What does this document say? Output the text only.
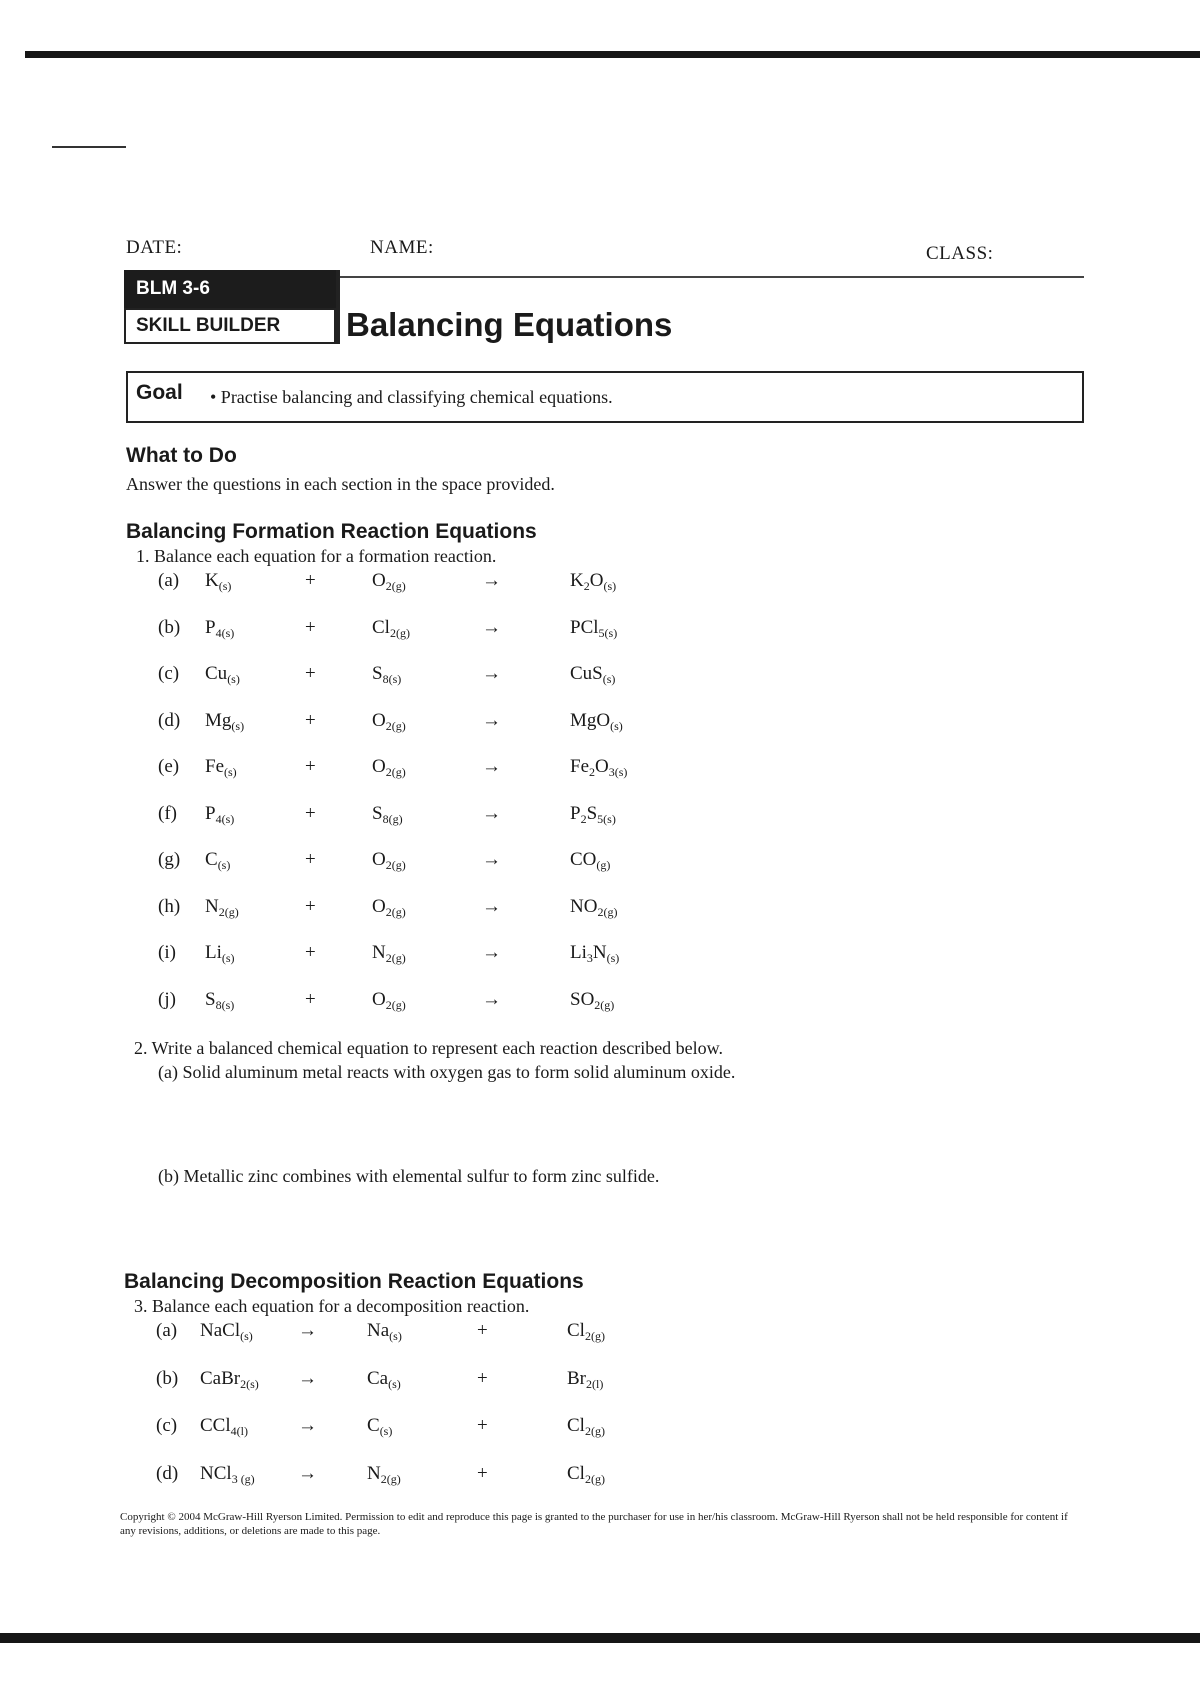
DATE:	NAME:	CLASS:
BLM 3-6
SKILL BUILDER	Balancing Equations
Goal • Practise balancing and classifying chemical equations.
What to Do
Answer the questions in each section in the space provided.
Balancing Formation Reaction Equations
1. Balance each equation for a formation reaction.
(a) $K_{(s)}$	+	$O_{2(g)}$	→	$K_2O_{(s)}$
(b) $P_{4(s)}$	+	$Cl_{2(g)}$	→	PCl$_{5(s)}$
(c) $Cu_{(s)}$	+	$S_{8(s)}$	→	CuS$_{(s)}$
(d) $Mg_{(s)}$	+	$O_{2(g)}$	→	MgO$_{(s)}$
(e) $Fe_{(s)}$	+	$O_{2(g)}$	→	$Fe_2O_{3(s)}$
(f) $P_{4(s)}$	+	$S_{8(g)}$	→	$P_2S_{5(s)}$
(g) $C_{(s)}$	+	$O_{2(g)}$	→	$CO_{(g)}$
(h) $N_{2(g)}$	+	$O_{2(g)}$	→	$NO_{2(g)}$
(i) $Li_{(s)}$	+	$N_{2(g)}$	→	$Li_3N_{(s)}$
(j) $S_{8(s)}$	+	$O_{2(g)}$	→	$SO_{2(g)}$
2. Write a balanced chemical equation to represent each reaction described below.
(a) Solid aluminum metal reacts with oxygen gas to form solid aluminum oxide.
(b) Metallic zinc combines with elemental sulfur to form zinc sulfide.
Balancing Decomposition Reaction Equations
3. Balance each equation for a decomposition reaction.
(a) NaCl$_{(s)}$ →	$Na_{(s)}$	+	$Cl_{2(g)}$
(b) CaBr$_{2(s)}$ →	$Ca_{(s)}$	+	$Br_{2(l)}$
(c) CCl$_{4(l)}$	→	$C_{(s)}$	+	$Cl_{2(g)}$
(d) NCl$_{3 (g)}$ →	$N_{2(g)}$	+	$Cl_{2(g)}$
Copyright © 2004 McGraw-Hill Ryerson Limited. Permission to edit and reproduce this page is granted to the purchaser for use in her/his classroom. McGraw-Hill Ryerson shall not be held responsible for content if any revisions, additions, or deletions are made to this page.
